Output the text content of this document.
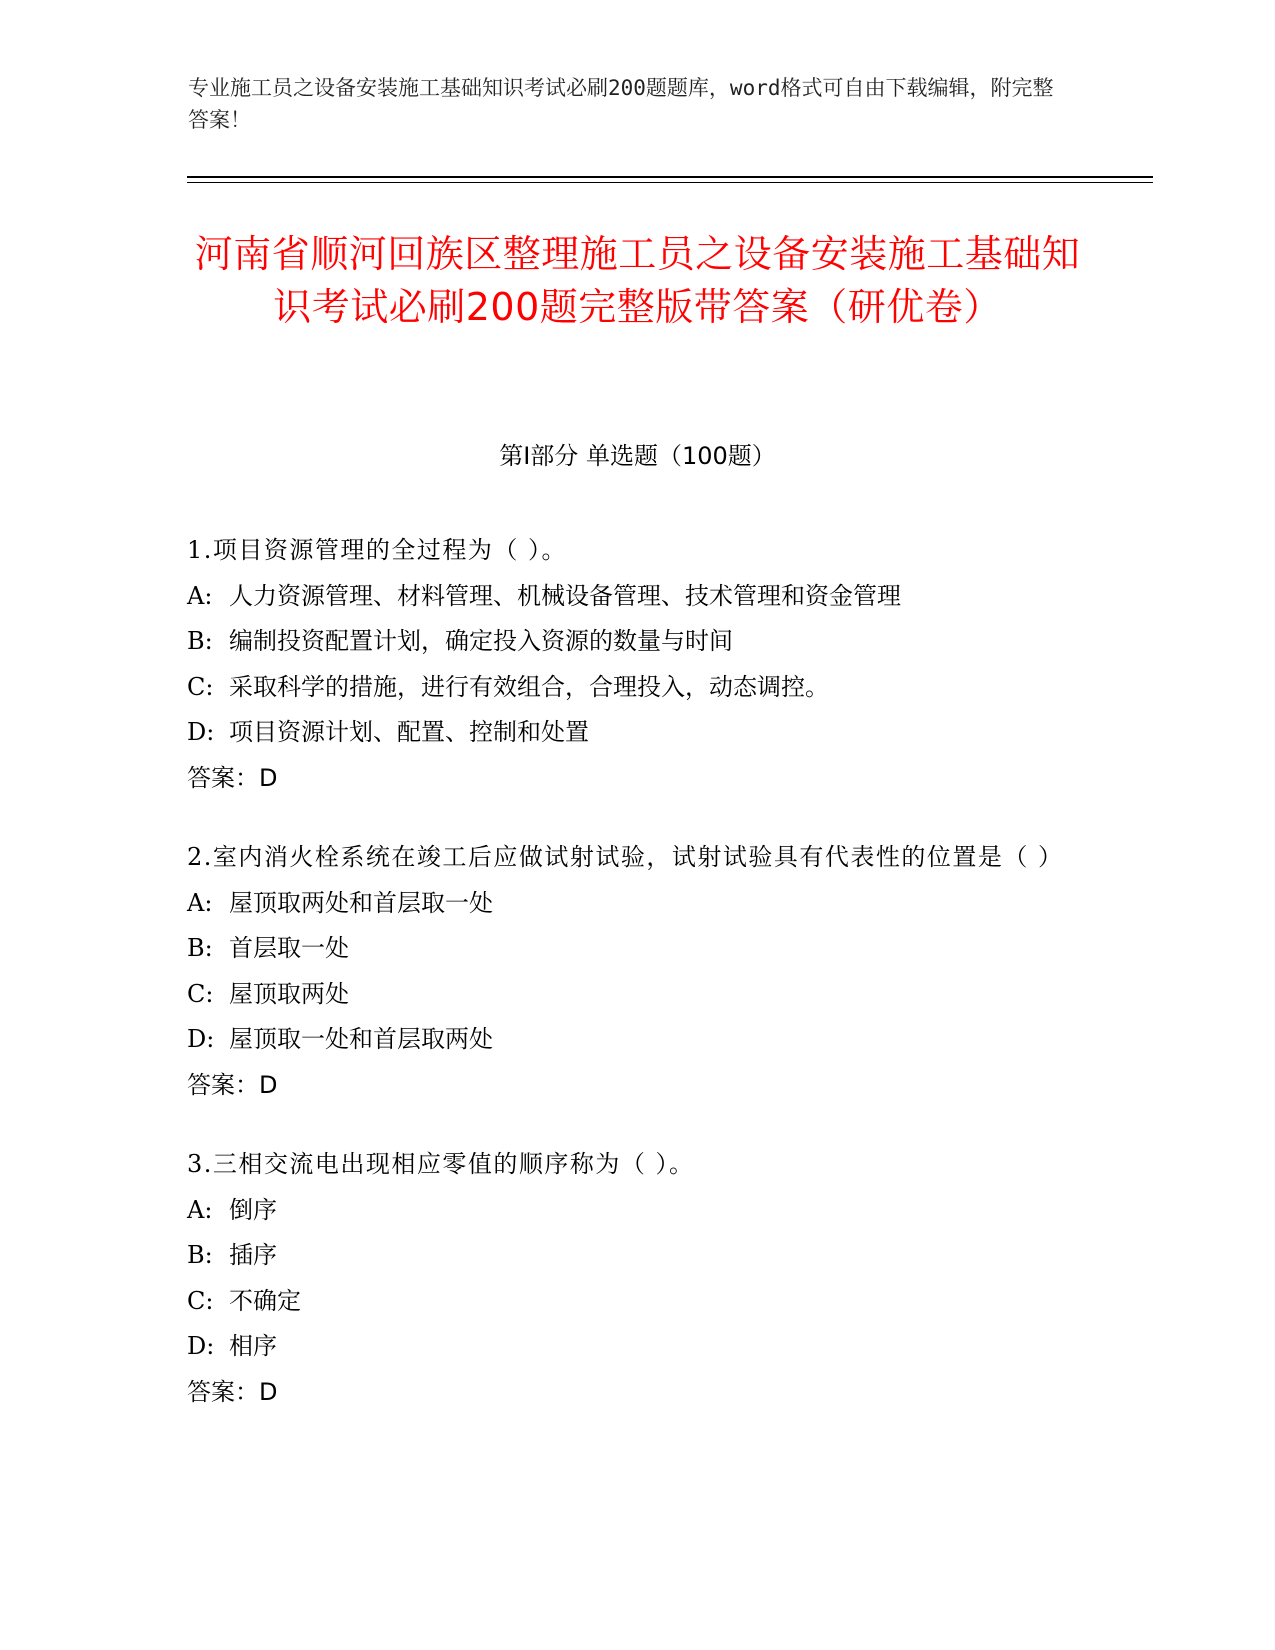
专业施工员之设备安装施工基础知识考试必刷200题题库，word格式可自由下载编辑，附完整答案！
河南省顺河回族区整理施工员之设备安装施工基础知识考试必刷200题完整版带答案（研优卷）
第Ⅰ部分 单选题（100题）
1.项目资源管理的全过程为（ ）。
A: 人力资源管理、材料管理、机械设备管理、技术管理和资金管理
B: 编制投资配置计划，确定投入资源的数量与时间
C: 采取科学的措施，进行有效组合，合理投入，动态调控。
D: 项目资源计划、配置、控制和处置
答案：D
2.室内消火栓系统在竣工后应做试射试验，试射试验具有代表性的位置是（ ）
A: 屋顶取两处和首层取一处
B: 首层取一处
C: 屋顶取两处
D: 屋顶取一处和首层取两处
答案：D
3.三相交流电出现相应零值的顺序称为（ ）。
A: 倒序
B: 插序
C: 不确定
D: 相序
答案：D
